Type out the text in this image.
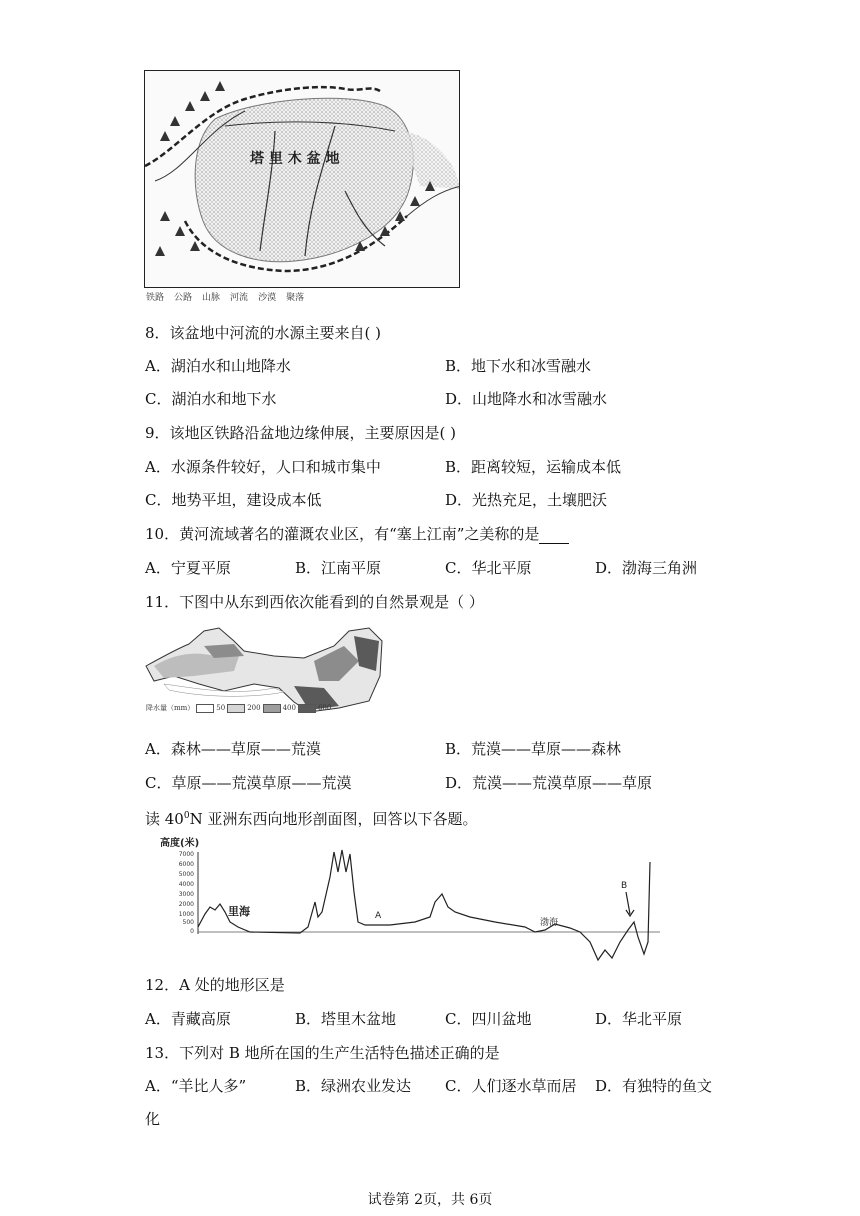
塔 里 木 盆 地
铁路 公路 山脉 河流 沙漠 聚落
8．该盆地中河流的水源主要来自( )
A．湖泊水和山地降水	B．地下水和冰雪融水
C．湖泊水和地下水	D．山地降水和冰雪融水
9．该地区铁路沿盆地边缘伸展，主要原因是( )
A．水源条件较好，人口和城市集中	B．距离较短，运输成本低
C．地势平坦，建设成本低	D．光热充足，土壤肥沃
10．黄河流域著名的灌溉农业区，有“塞上江南”之美称的是
A．宁夏平原	B．江南平原	C．华北平原	D．渤海三角洲
11．下图中从东到西依次能看到的自然景观是（ ）
降水量（mm）	50	200	400	600
A．森林——草原——荒漠	B．荒漠——草原——森林
C．草原——荒漠草原——荒漠	D．荒漠——荒漠草原——草原
读 $40^0N$ 亚洲东西向地形剖面图，回答以下各题。
高度(米)
7000
6000
5000
4000
3000
2000
1000
500
0
里海	A
渤海
B
12．A 处的地形区是
A．青藏高原	B．塔里木盆地	C．四川盆地	D．华北平原
13．下列对 B 地所在国的生产生活特色描述正确的是
A．“羊比人多”	B．绿洲农业发达 C．人们逐水草而居 D．有独特的鱼文
化
试卷第 2页，共 6页
